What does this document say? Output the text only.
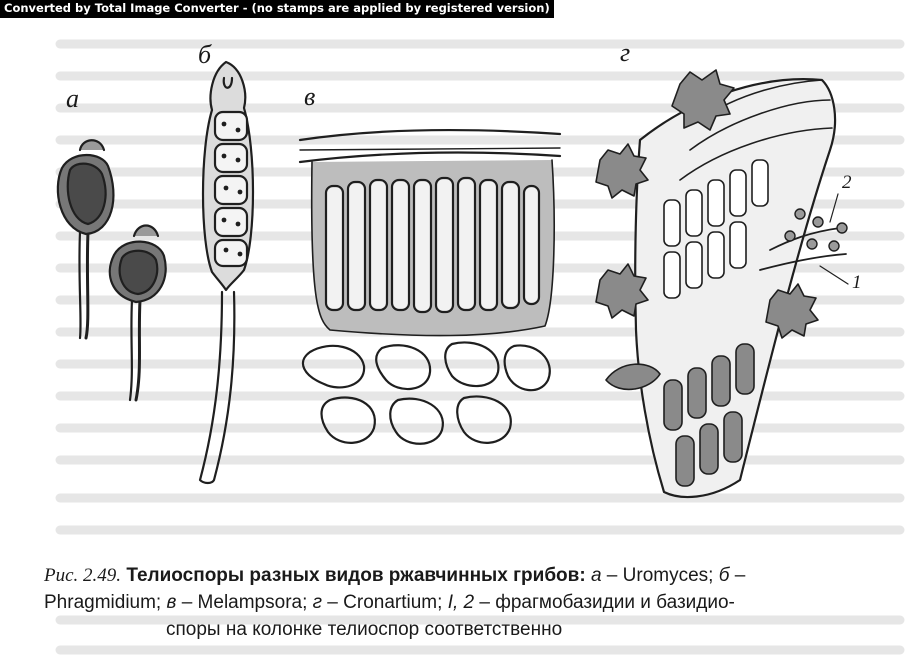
Converted by Total Image Converter - (no stamps are applied by registered version)
а
б
в
г
2
1
Рис. 2.49. Телиоспоры разных видов ржавчинных грибов: а – Uromyces; б –
Phragmidium; в – Melampsora; г – Cronartium; I, 2 – фрагмобазидии и базидио-
споры на колонке телиоспор соответственно
